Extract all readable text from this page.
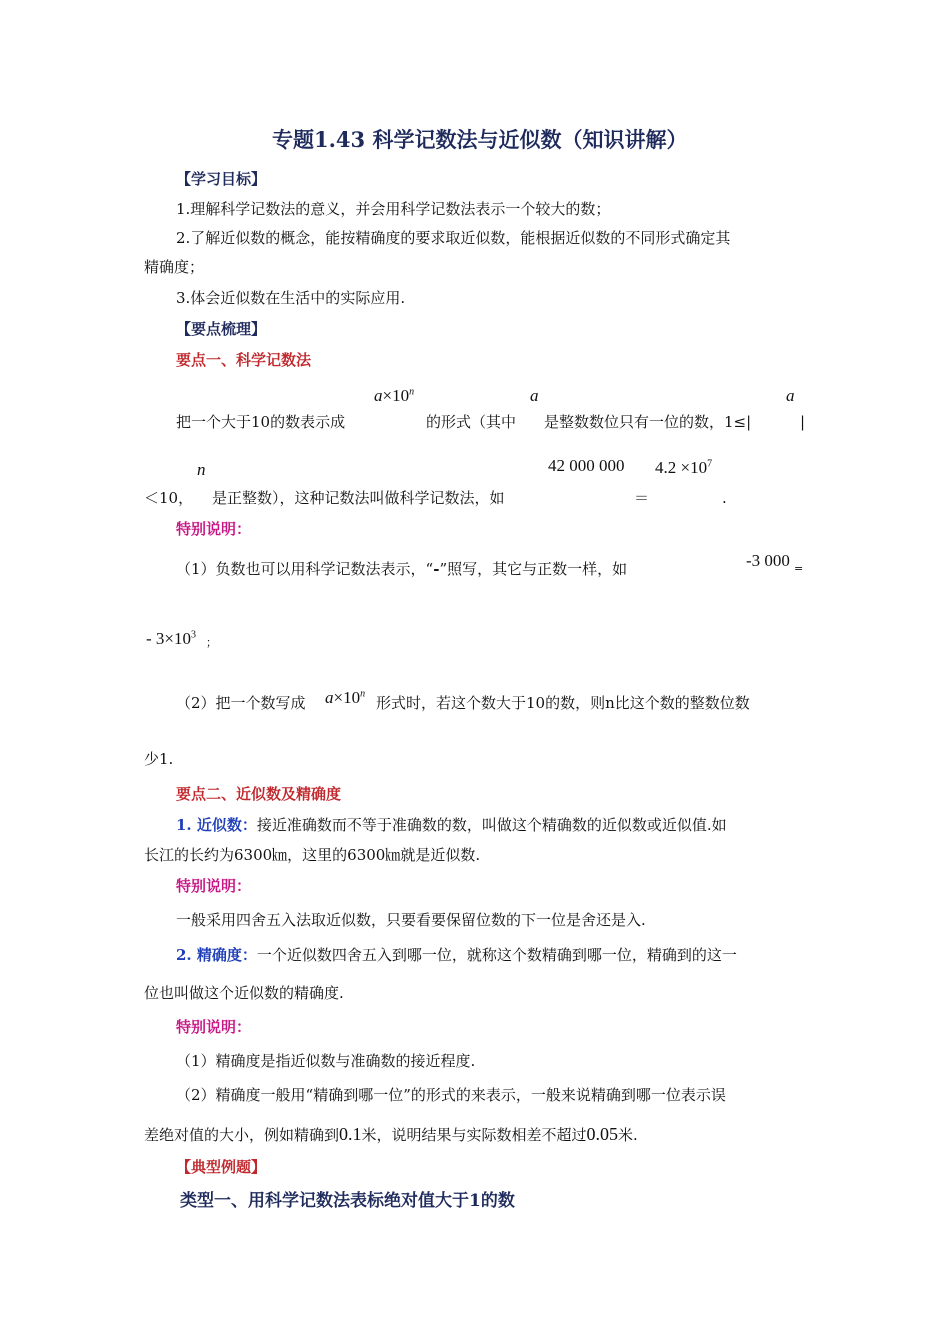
专题1.43 科学记数法与近似数（知识讲解）
【学习目标】
1.理解科学记数法的意义，并会用科学记数法表示一个较大的数；
2.了解近似数的概念，能按精确度的要求取近似数，能根据近似数的不同形式确定其
精确度；
3.体会近似数在生活中的实际应用.
【要点梳理】
要点一、科学记数法
$a\times 10^n$	a	a
把一个大于10的数表示成	的形式（其中 是整数数位只有一位的数，1≤|	|
n	42 000 000 $4.2 \times 10^7$
＜10， 是正整数），这种记数法叫做科学记数法，如	＝	.
特别说明：
（1）负数也可以用科学记数法表示，“-”照写，其它与正数一样，如	-3 000 =
- $3\times 10^3$
；
（2）把一个数写成 $a\times 10^n$
形式时，若这个数大于10的数，则n比这个数的整数位数
少1.
要点二、近似数及精确度
1. 近似数：接近准确数而不等于准确数的数，叫做这个精确数的近似数或近似值.如
长江的长约为6300㎞，这里的6300㎞就是近似数.
特别说明：
一般采用四舍五入法取近似数，只要看要保留位数的下一位是舍还是入.
2. 精确度：一个近似数四舍五入到哪一位，就称这个数精确到哪一位，精确到的这一
位也叫做这个近似数的精确度.
特别说明：
（1）精确度是指近似数与准确数的接近程度.
（2）精确度一般用“精确到哪一位”的形式的来表示，一般来说精确到哪一位表示误
差绝对值的大小，例如精确到0.1米，说明结果与实际数相差不超过0.05米.
【典型例题】
类型一、用科学记数法表标绝对值大于1的数
